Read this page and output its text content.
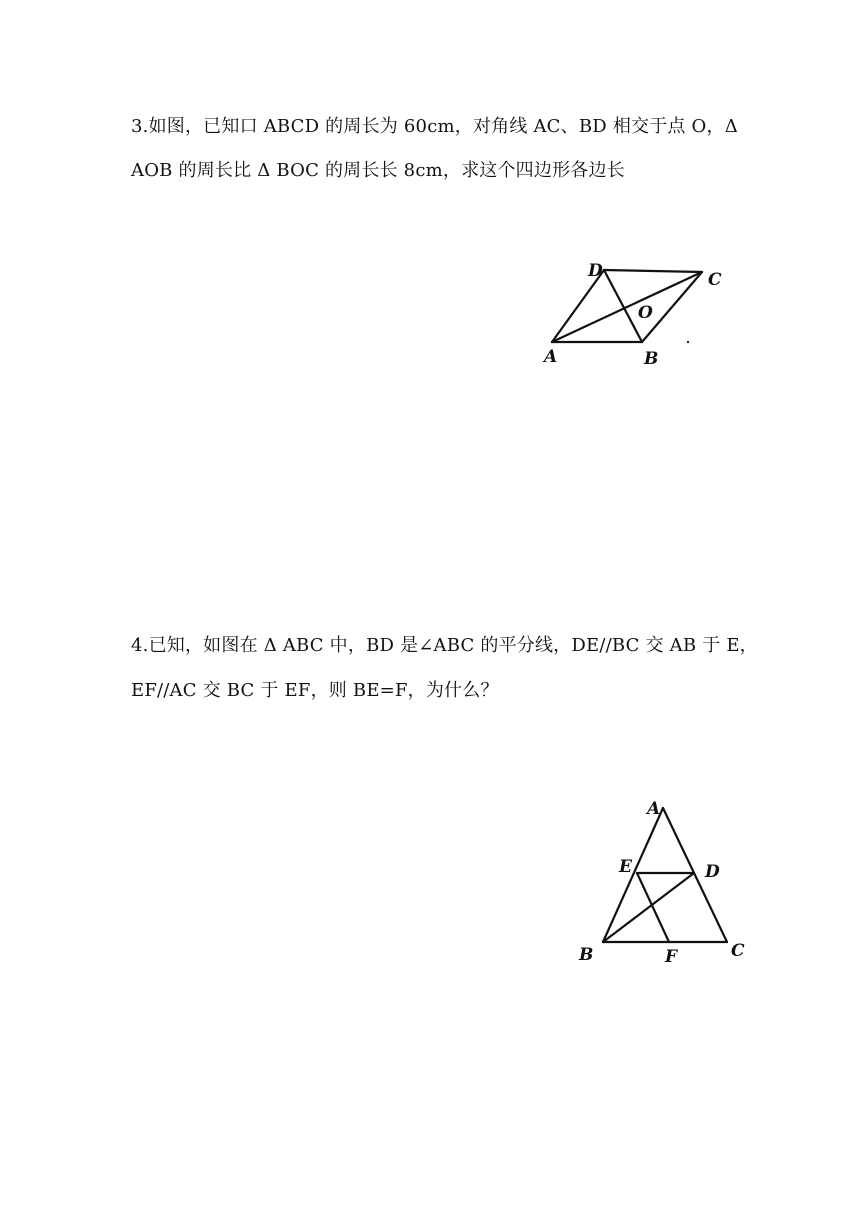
3.如图，已知口 ABCD 的周长为 60cm，对角线 AC、BD 相交于点 O，Δ
AOB 的周长比 Δ BOC 的周长长 8cm，求这个四边形各边长
D	C
O
A	B
4.已知，如图在 Δ ABC 中，BD 是∠ABC 的平分线，DE//BC 交 AB 于 E，
EF//AC 交 BC 于 EF，则 BE=F，为什么？
A
E	D
B	F	C
